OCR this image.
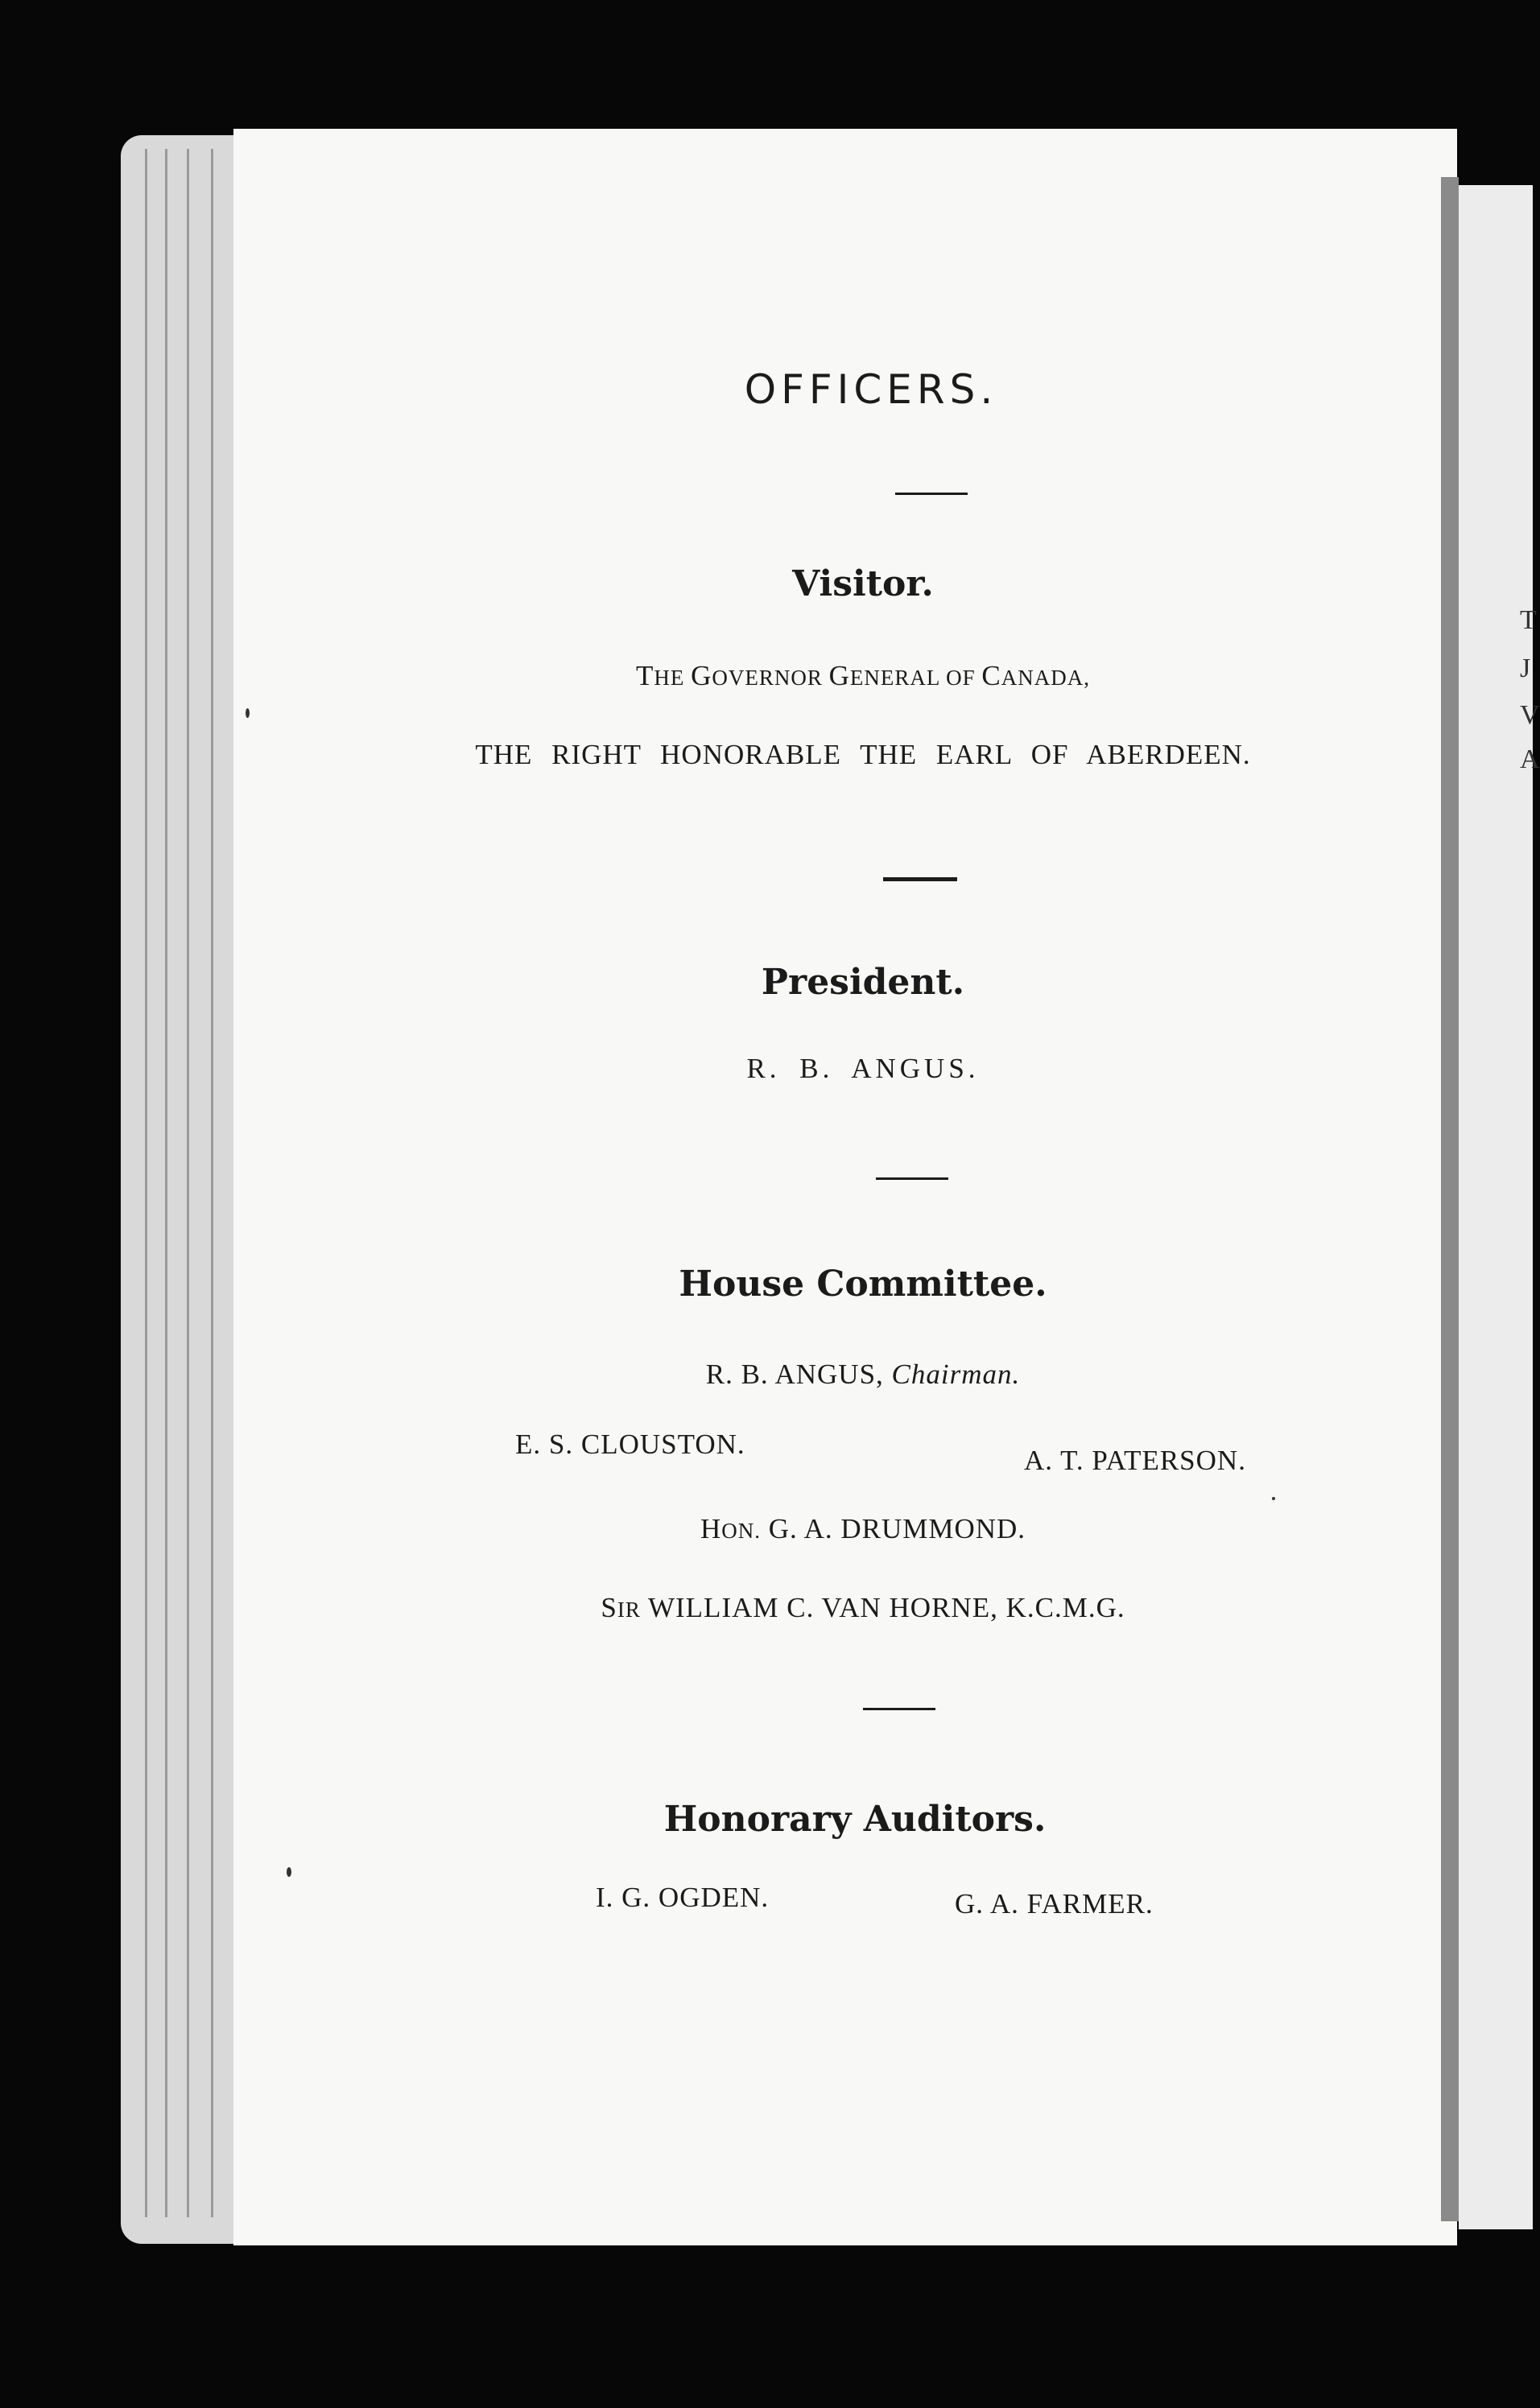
T
J
V
A
OFFICERS.
Visitor.
THE GOVERNOR GENERAL OF CANADA,
THE RIGHT HONORABLE THE EARL OF ABERDEEN.
President.
R. B. ANGUS.
House Committee.
R. B. ANGUS, Chairman.
E. S. CLOUSTON.
A. T. PATERSON.
HON. G. A. DRUMMOND.
SIR WILLIAM C. VAN HORNE, K.C.M.G.
Honorary Auditors.
I. G. OGDEN.	G. A. FARMER.
